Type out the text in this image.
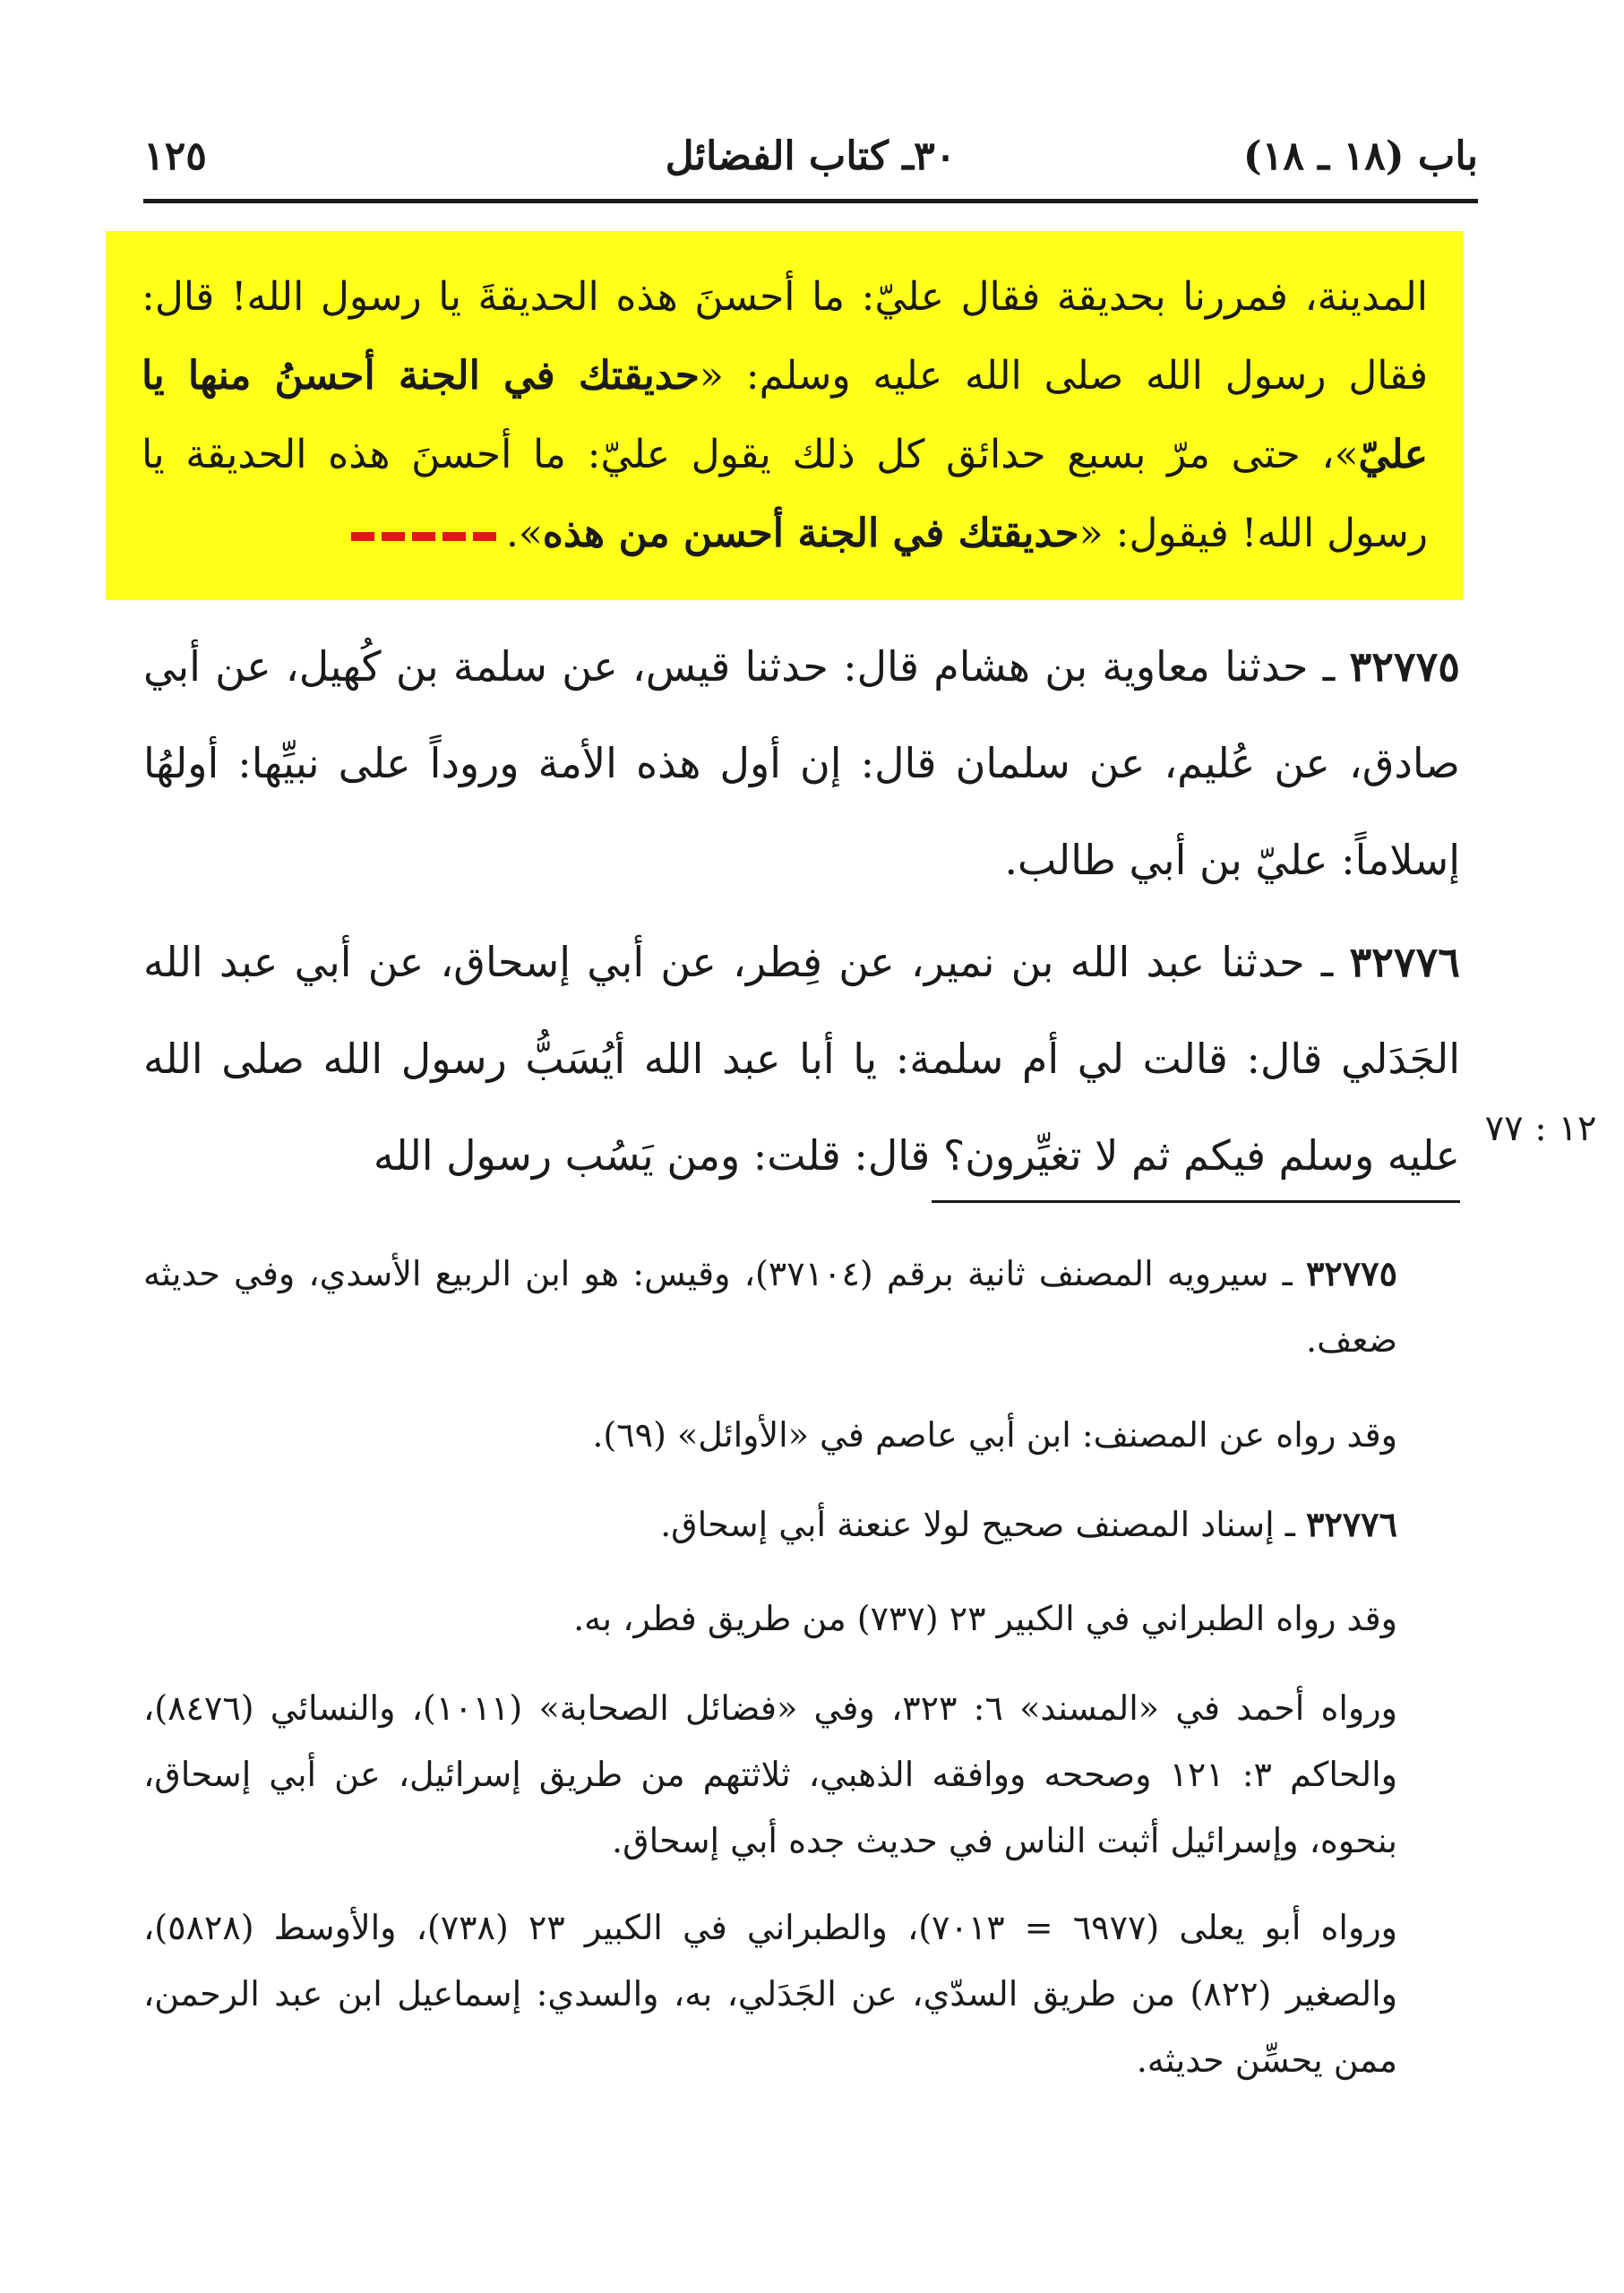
باب (١٨ ـ ١٨)
٣٠ـ كتاب الفضائل
١٢٥
المدينة، فمررنا بحديقة فقال عليّ: ما أحسنَ هذه الحديقةَ يا رسول الله! قال: فقال رسول الله صلى الله عليه وسلم: «حديقتك في الجنة أحسنُ منها يا عليّ»، حتى مرّ بسبع حدائق كل ذلك يقول عليّ: ما أحسنَ هذه الحديقة يا رسول الله! فيقول: «حديقتك في الجنة أحسن من هذه».
٣٢٧٧٥ ـ حدثنا معاوية بن هشام قال: حدثنا قيس، عن سلمة بن كُهيل، عن أبي صادق، عن عُليم، عن سلمان قال: إن أول هذه الأمة وروداً على نبيِّها: أولهُا إسلاماً: عليّ بن أبي طالب.
٣٢٧٧٦ ـ حدثنا عبد الله بن نمير، عن فِطر، عن أبي إسحاق، عن أبي عبد الله الجَدَلي قال: قالت لي أم سلمة: يا أبا عبد الله أيُسَبُّ رسول الله صلى الله عليه وسلم فيكم ثم لا تغيِّرون؟ قال: قلت: ومن يَسُب رسول الله
١٢ : ٧٧
٣٢٧٧٥ ـ سيرويه المصنف ثانية برقم (٣٧١٠٤)، وقيس: هو ابن الربيع الأسدي، وفي حديثه ضعف.
وقد رواه عن المصنف: ابن أبي عاصم في «الأوائل» (٦٩).
٣٢٧٧٦ ـ إسناد المصنف صحيح لولا عنعنة أبي إسحاق.
وقد رواه الطبراني في الكبير ٢٣ (٧٣٧) من طريق فطر، به.
ورواه أحمد في «المسند» ٦: ٣٢٣، وفي «فضائل الصحابة» (١٠١١)، والنسائي (٨٤٧٦)، والحاكم ٣: ١٢١ وصححه ووافقه الذهبي، ثلاثتهم من طريق إسرائيل، عن أبي إسحاق، بنحوه، وإسرائيل أثبت الناس في حديث جده أبي إسحاق.
ورواه أبو يعلى (٦٩٧٧ = ٧٠١٣)، والطبراني في الكبير ٢٣ (٧٣٨)، والأوسط (٥٨٢٨)، والصغير (٨٢٢) من طريق السدّي، عن الجَدَلي، به، والسدي: إسماعيل ابن عبد الرحمن، ممن يحسِّن حديثه.
